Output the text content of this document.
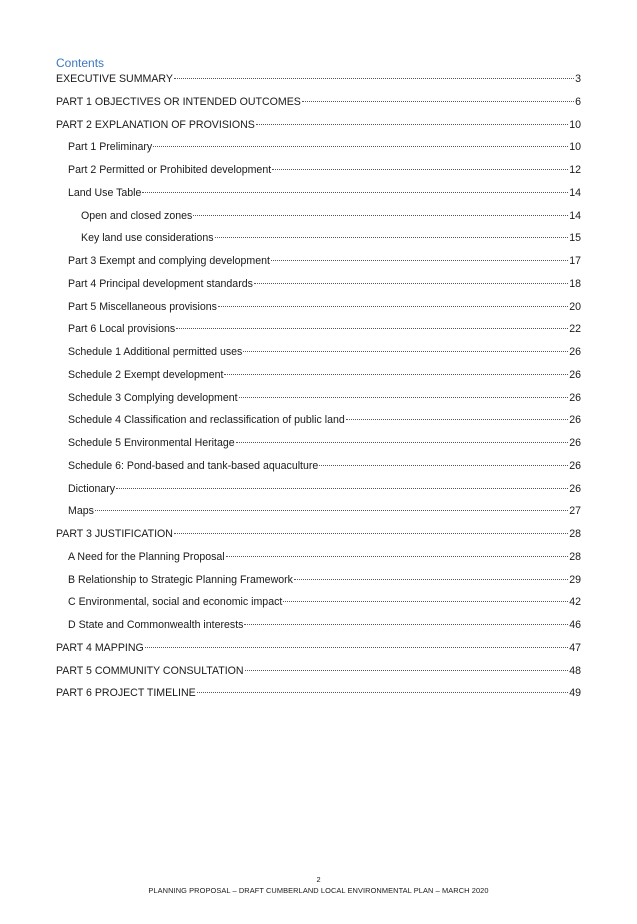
Contents
EXECUTIVE SUMMARY	3
PART 1 OBJECTIVES OR INTENDED OUTCOMES	6
PART 2 EXPLANATION OF PROVISIONS	10
Part 1 Preliminary	10
Part 2 Permitted or Prohibited development	12
Land Use Table	14
Open and closed zones	14
Key land use considerations	15
Part 3 Exempt and complying development	17
Part 4 Principal development standards	18
Part 5 Miscellaneous provisions	20
Part 6 Local provisions	22
Schedule 1 Additional permitted uses	26
Schedule 2 Exempt development	26
Schedule 3 Complying development	26
Schedule 4 Classification and reclassification of public land	26
Schedule 5 Environmental Heritage	26
Schedule 6: Pond-based and tank-based aquaculture	26
Dictionary	26
Maps	27
PART 3 JUSTIFICATION	28
A Need for the Planning Proposal	28
B Relationship to Strategic Planning Framework	29
C Environmental, social and economic impact	42
D State and Commonwealth interests	46
PART 4 MAPPING	47
PART 5 COMMUNITY CONSULTATION	48
PART 6 PROJECT TIMELINE	49
2
PLANNING PROPOSAL – DRAFT CUMBERLAND LOCAL ENVIRONMENTAL PLAN – MARCH 2020
